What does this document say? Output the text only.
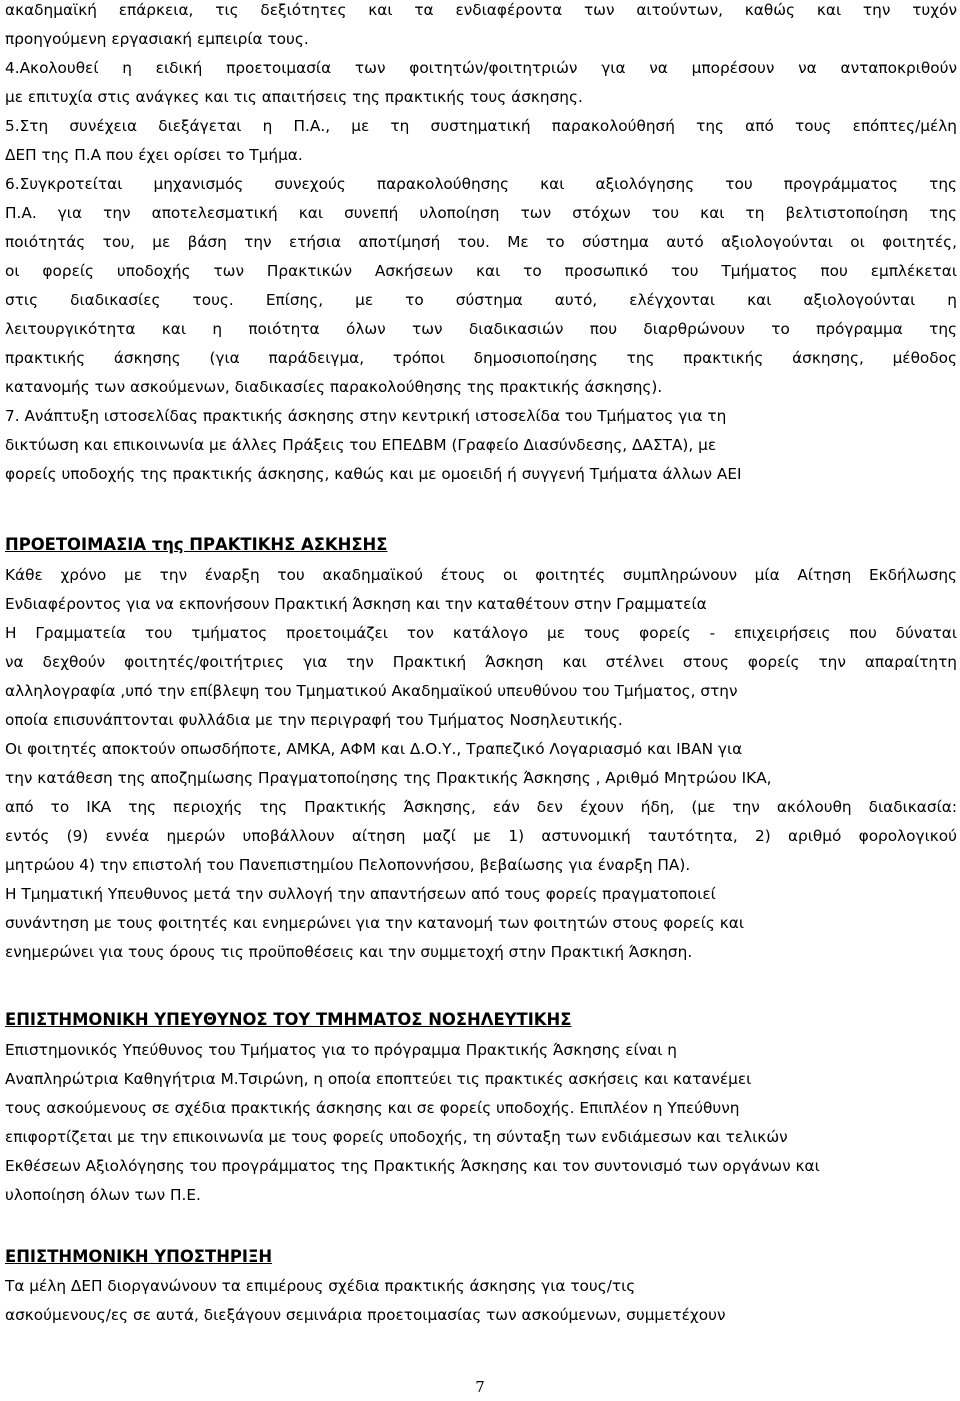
ακαδημαϊκή επάρκεια, τις δεξιότητες και τα ενδιαφέροντα των αιτούντων, καθώς και την τυχόν
προηγούμενη εργασιακή εμπειρία τους.
4.Ακολουθεί η ειδική προετοιμασία των φοιτητών/φοιτητριών για να μπορέσουν να ανταποκριθούν
με επιτυχία στις ανάγκες και τις απαιτήσεις της πρακτικής τους άσκησης.
5.Στη συνέχεια διεξάγεται η Π.Α., με τη συστηματική παρακολούθησή της από τους επόπτες/μέλη
ΔΕΠ της Π.Α που έχει ορίσει το Τμήμα.
6.Συγκροτείται μηχανισμός συνεχούς παρακολούθησης και αξιολόγησης του προγράμματος της
Π.Α. για την αποτελεσματική και συνεπή υλοποίηση των στόχων του και τη βελτιστοποίηση της
ποιότητάς του, με βάση την ετήσια αποτίμησή του. Με το σύστημα αυτό αξιολογούνται οι φοιτητές,
οι φορείς υποδοχής των Πρακτικών Ασκήσεων και το προσωπικό του Τμήματος που εμπλέκεται
στις διαδικασίες τους. Επίσης, με το σύστημα αυτό, ελέγχονται και αξιολογούνται η
λειτουργικότητα και η ποιότητα όλων των διαδικασιών που διαρθρώνουν το πρόγραμμα της
πρακτικής άσκησης (για παράδειγμα, τρόποι δημοσιοποίησης της πρακτικής άσκησης, μέθοδος
κατανομής των ασκούμενων, διαδικασίες παρακολούθησης της πρακτικής άσκησης).
7. Ανάπτυξη ιστοσελίδας πρακτικής άσκησης στην κεντρική ιστοσελίδα του Τμήματος για τη
δικτύωση και επικοινωνία με άλλες Πράξεις του ΕΠΕΔΒΜ (Γραφείο Διασύνδεσης, ΔΑΣΤΑ), με
φορείς υποδοχής της πρακτικής άσκησης, καθώς και με ομοειδή ή συγγενή Τμήματα άλλων ΑΕΙ
ΠΡΟΕΤΟΙΜΑΣΙΑ της ΠΡΑΚΤΙΚΗΣ ΑΣΚΗΣΗΣ
Κάθε χρόνο με την έναρξη του ακαδημαϊκού έτους οι φοιτητές συμπληρώνουν μία Αίτηση Εκδήλωσης
Ενδιαφέροντος για να εκπονήσουν Πρακτική Άσκηση και την καταθέτουν στην Γραμματεία
Η Γραμματεία του τμήματος προετοιμάζει τον κατάλογο με τους φορείς - επιχειρήσεις που δύναται
να δεχθούν φοιτητές/φοιτήτριες για την Πρακτική Άσκηση και στέλνει στους φορείς την απαραίτητη
αλληλογραφία ,υπό την επίβλεψη του Τμηματικού Ακαδημαϊκού υπευθύνου του Τμήματος, στην
οποία επισυνάπτονται φυλλάδια με την περιγραφή του Τμήματος Νοσηλευτικής.
Οι φοιτητές αποκτούν οπωσδήποτε, ΑΜΚΑ, ΑΦΜ και Δ.Ο.Υ., Τραπεζικό Λογαριασμό και IBAN για
την κατάθεση της αποζημίωσης Πραγματοποίησης της Πρακτικής Άσκησης , Αριθμό Μητρώου ΙΚΑ,
από το ΙΚΑ της περιοχής της Πρακτικής Άσκησης, εάν δεν έχουν ήδη, (με την ακόλουθη διαδικασία:
εντός (9) εννέα ημερών υποβάλλουν αίτηση μαζί με 1) αστυνομική ταυτότητα, 2) αριθμό φορολογικού
μητρώου 4) την επιστολή του Πανεπιστημίου Πελοποννήσου, βεβαίωσης για έναρξη ΠΑ).
Η Τμηματική Υπευθυνος μετά την συλλογή την απαντήσεων από τους φορείς πραγματοποιεί
συνάντηση με τους φοιτητές και ενημερώνει για την κατανομή των φοιτητών στους φορείς και
ενημερώνει για τους όρους τις προϋποθέσεις και την συμμετοχή στην Πρακτική Άσκηση.
ΕΠΙΣΤΗΜΟΝΙΚΗ ΥΠΕΥΘΥΝΟΣ ΤΟΥ ΤΜΗΜΑΤΟΣ ΝΟΣΗΛΕΥΤΙΚΗΣ
Επιστημονικός Υπεύθυνος του Τμήματος για το πρόγραμμα Πρακτικής Άσκησης είναι η
Αναπληρώτρια Καθηγήτρια Μ.Τσιρώνη, η οποία εποπτεύει τις πρακτικές ασκήσεις και κατανέμει
τους ασκούμενους σε σχέδια πρακτικής άσκησης και σε φορείς υποδοχής. Επιπλέον η Υπεύθυνη
επιφορτίζεται με την επικοινωνία με τους φορείς υποδοχής, τη σύνταξη των ενδιάμεσων και τελικών
Εκθέσεων Αξιολόγησης του προγράμματος της Πρακτικής Άσκησης και τον συντονισμό των οργάνων και
υλοποίηση όλων των Π.Ε.
ΕΠΙΣΤΗΜΟΝΙΚΗ ΥΠΟΣΤΗΡΙΞΗ
Τα μέλη ΔΕΠ διοργανώνουν τα επιμέρους σχέδια πρακτικής άσκησης για τους/τις
ασκούμενους/ες σε αυτά, διεξάγουν σεμινάρια προετοιμασίας των ασκούμενων, συμμετέχουν
7
